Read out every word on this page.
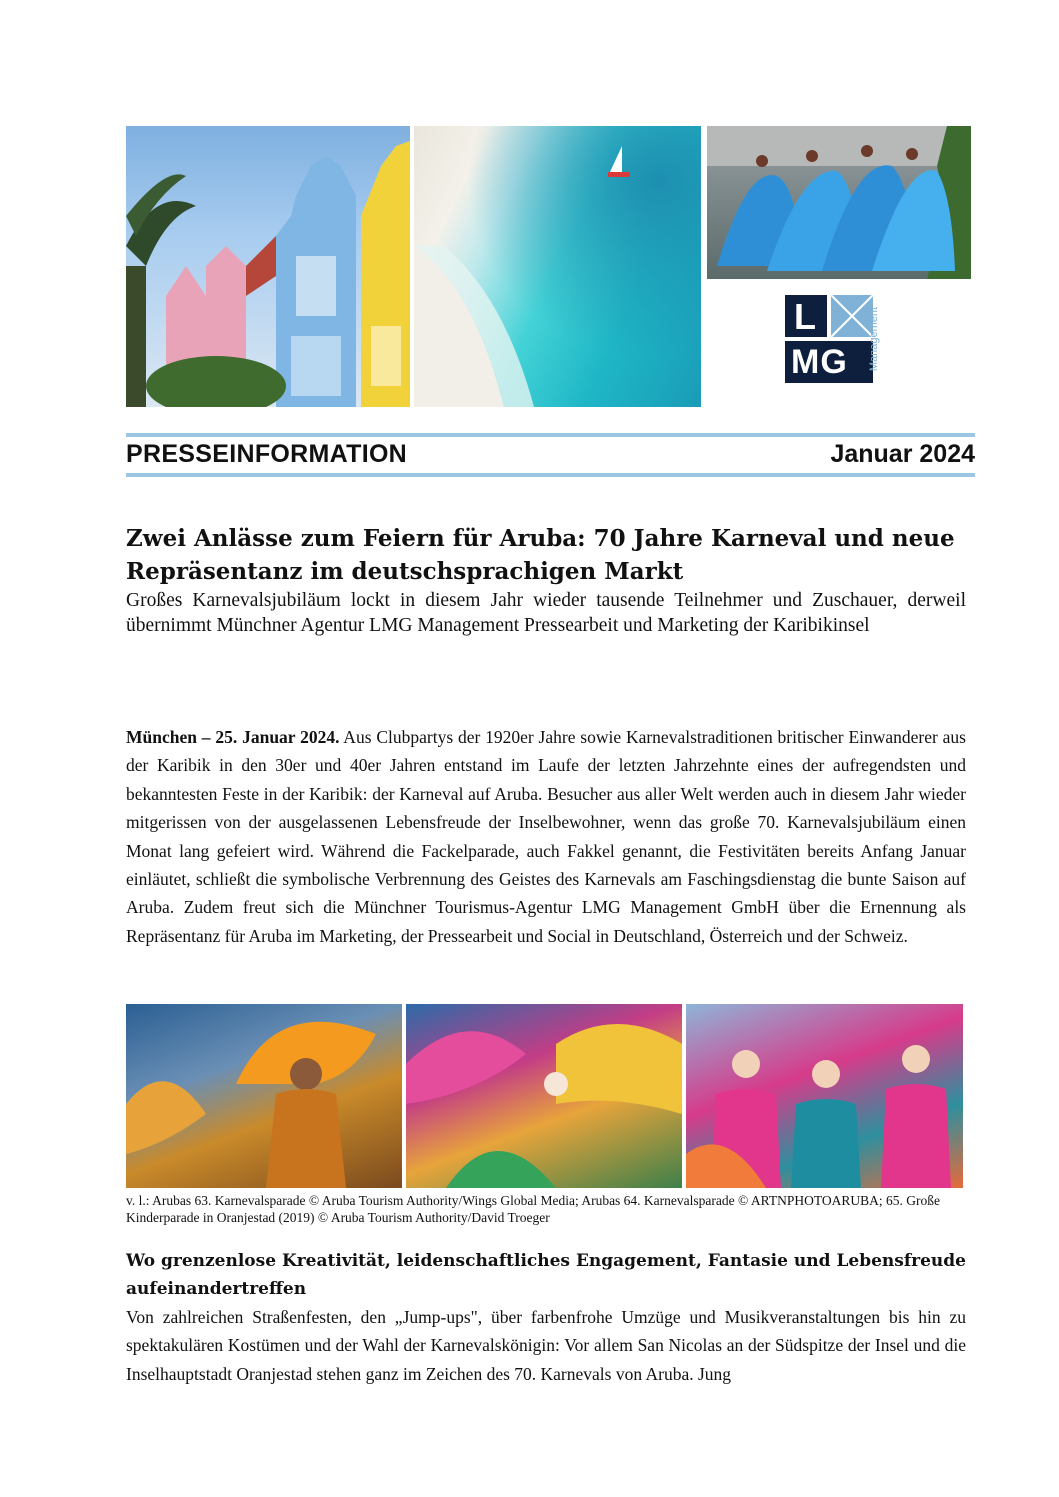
L
MG Management
PRESSEINFORMATION	Januar 2024
Zwei Anlässe zum Feiern für Aruba: 70 Jahre Karneval und neue Repräsentanz im deutschsprachigen Markt

Großes Karnevalsjubiläum lockt in diesem Jahr wieder tausende Teilnehmer und Zuschauer, derweil übernimmt Münchner Agentur LMG Management Pressearbeit und Marketing der Karibikinsel

München – 25. Januar 2024. Aus Clubpartys der 1920er Jahre sowie Karnevalstraditionen britischer Einwanderer aus der Karibik in den 30er und 40er Jahren entstand im Laufe der letzten Jahrzehnte eines der aufregendsten und bekanntesten Feste in der Karibik: der Karneval auf Aruba. Besucher aus aller Welt werden auch in diesem Jahr wieder mitgerissen von der ausgelassenen Lebensfreude der Inselbewohner, wenn das große 70. Karnevalsjubiläum einen Monat lang gefeiert wird. Während die Fackelparade, auch Fakkel genannt, die Festivitäten bereits Anfang Januar einläutet, schließt die symbolische Verbrennung des Geistes des Karnevals am Faschingsdienstag die bunte Saison auf Aruba. Zudem freut sich die Münchner Tourismus-Agentur LMG Management GmbH über die Ernennung als Repräsentanz für Aruba im Marketing, der Pressearbeit und Social in Deutschland, Österreich und der Schweiz.

v. l.: Arubas 63. Karnevalsparade © Aruba Tourism Authority/Wings Global Media; Arubas 64. Karnevalsparade © ARTNPHOTOARUBA; 65. Große Kinderparade in Oranjestad (2019) © Aruba Tourism Authority/David Troeger

Wo grenzenlose Kreativität, leidenschaftliches Engagement, Fantasie und Lebensfreude aufeinandertreffen

Von zahlreichen Straßenfesten, den „Jump-ups", über farbenfrohe Umzüge und Musikveranstaltungen bis hin zu spektakulären Kostümen und der Wahl der Karnevalskönigin: Vor allem San Nicolas an der Südspitze der Insel und die Inselhauptstadt Oranjestad stehen ganz im Zeichen des 70. Karnevals von Aruba. Jung
